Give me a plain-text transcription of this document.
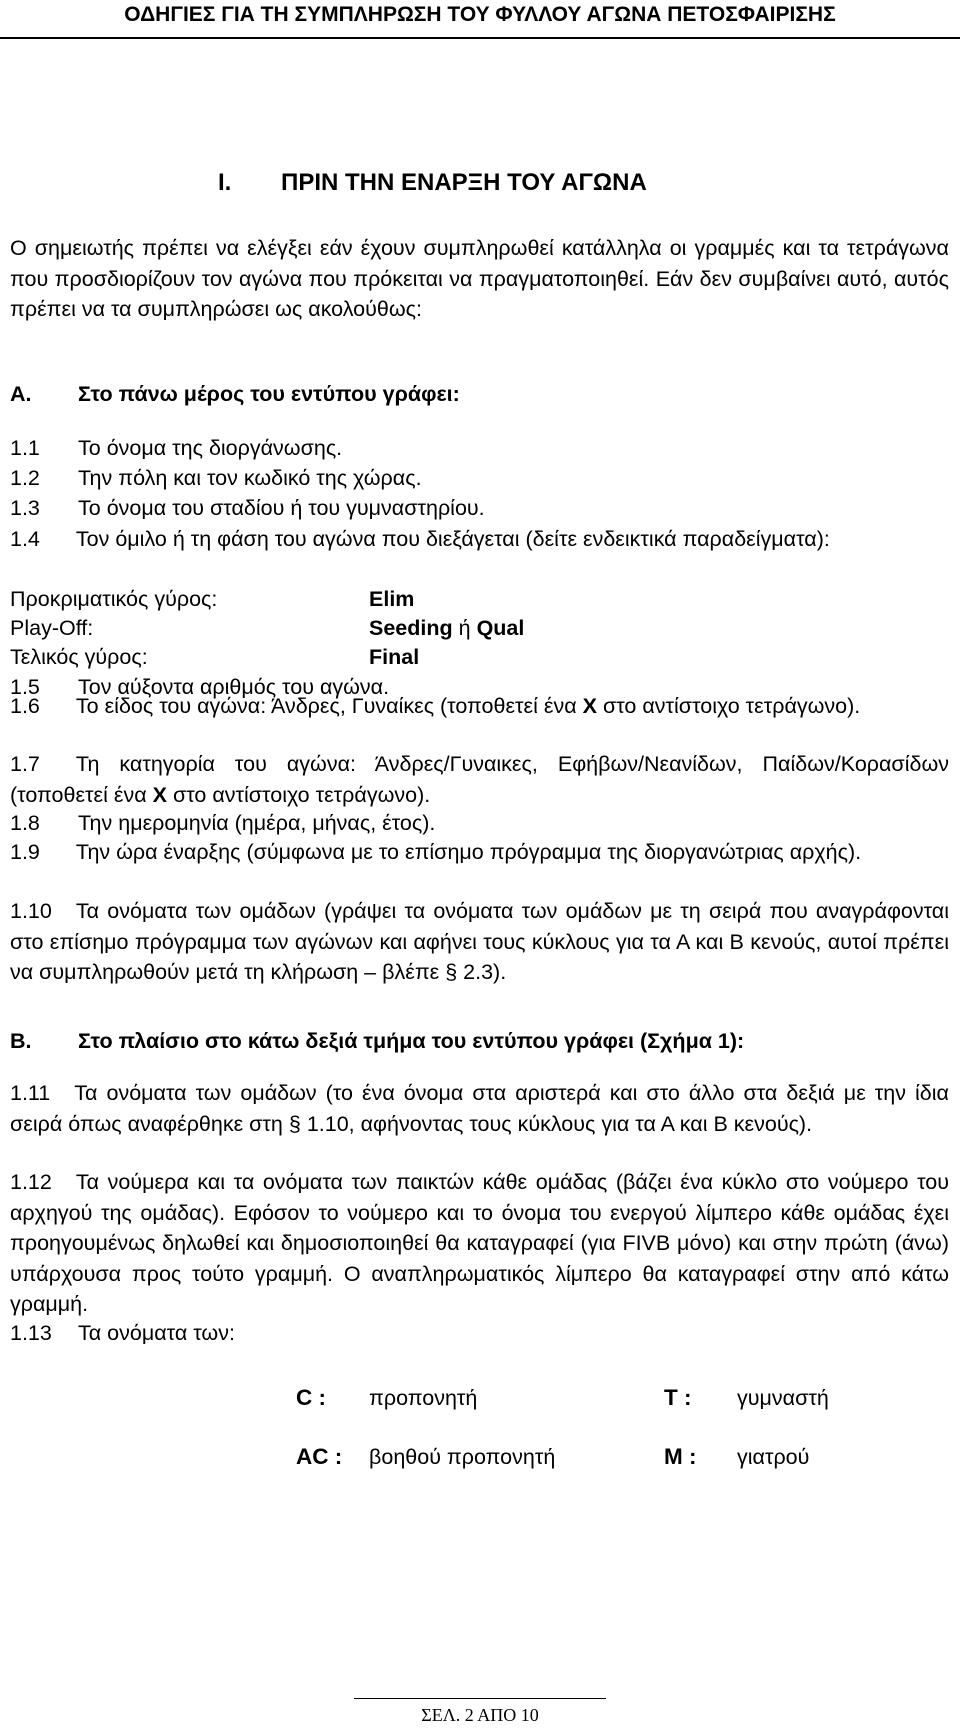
ΟΔΗΓΙΕΣ ΓΙΑ ΤΗ ΣΥΜΠΛΗΡΩΣΗ ΤΟΥ ΦΥΛΛΟΥ ΑΓΩΝΑ ΠΕΤΟΣΦΑΙΡΙΣΗΣ
I. ΠΡΙΝ ΤΗΝ ΕΝΑΡΞΗ ΤΟΥ ΑΓΩΝΑ
Ο σημειωτής πρέπει να ελέγξει εάν έχουν συμπληρωθεί κατάλληλα οι γραμμές και τα τετράγωνα που προσδιορίζουν τον αγώνα που πρόκειται να πραγματοποιηθεί. Εάν δεν συμβαίνει αυτό, αυτός πρέπει να τα συμπληρώσει ως ακολούθως:
Α. Στο πάνω μέρος του εντύπου γράφει:
1.1 Το όνομα της διοργάνωσης.
1.2 Την πόλη και τον κωδικό της χώρας.
1.3 Το όνομα του σταδίου ή του γυμναστηρίου.
1.4 Τον όμιλο ή τη φάση του αγώνα που διεξάγεται (δείτε ενδεικτικά παραδείγματα):
Προκριματικός γύρος:	Elim
Play-Off:	Seeding ή Qual
Τελικός γύρος:	Final
1.5 Τον αύξοντα αριθμός του αγώνα.
1.6 Το είδος του αγώνα: Άνδρες, Γυναίκες (τοποθετεί ένα Χ στο αντίστοιχο τετράγωνο).
1.7 Τη κατηγορία του αγώνα: Άνδρες/Γυναικες, Εφήβων/Νεανίδων, Παίδων/Κορασίδων (τοποθετεί ένα Χ στο αντίστοιχο τετράγωνο).
1.8 Την ημερομηνία (ημέρα, μήνας, έτος).
1.9 Την ώρα έναρξης (σύμφωνα με το επίσημο πρόγραμμα της διοργανώτριας αρχής).
1.10 Τα ονόματα των ομάδων (γράψει τα ονόματα των ομάδων με τη σειρά που αναγράφονται στο επίσημο πρόγραμμα των αγώνων και αφήνει τους κύκλους για τα Α και Β κενούς, αυτοί πρέπει να συμπληρωθούν μετά τη κλήρωση – βλέπε § 2.3).
Β. Στο πλαίσιο στο κάτω δεξιά τμήμα του εντύπου γράφει (Σχήμα 1):
1.11 Τα ονόματα των ομάδων (το ένα όνομα στα αριστερά και στο άλλο στα δεξιά με την ίδια σειρά όπως αναφέρθηκε στη § 1.10, αφήνοντας τους κύκλους για τα Α και Β κενούς).
1.12 Τα νούμερα και τα ονόματα των παικτών κάθε ομάδας (βάζει ένα κύκλο στο νούμερο του αρχηγού της ομάδας). Εφόσον το νούμερο και το όνομα του ενεργού λίμπερο κάθε ομάδας έχει προηγουμένως δηλωθεί και δημοσιοποιηθεί θα καταγραφεί (για FIVB μόνο) και στην πρώτη (άνω) υπάρχουσα προς τούτο γραμμή. Ο αναπληρωματικός λίμπερο θα καταγραφεί στην από κάτω γραμμή.
1.13 Τα ονόματα των:
C : προπονητή	T : γυμναστή
AC : βοηθού προπονητή	M : γιατρού
ΣΕΛ. 2 ΑΠΟ 10
